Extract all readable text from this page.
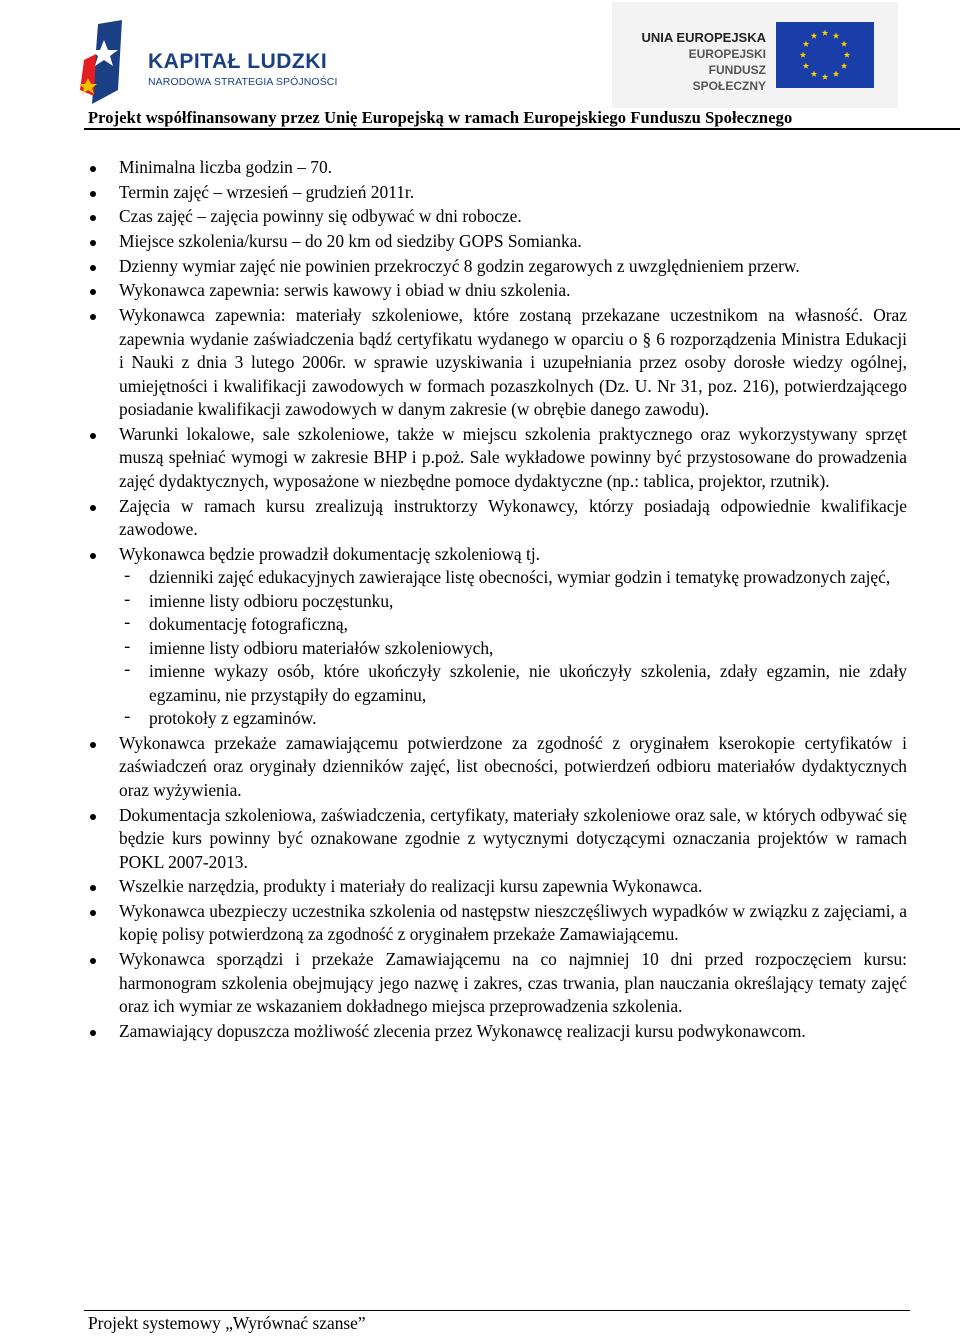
KAPITAŁ LUDZKI
NARODOWA STRATEGIA SPÓJNOŚCI
UNIA EUROPEJSKA
EUROPEJSKI
FUNDUSZ SPOŁECZNY
Projekt współfinansowany przez Unię Europejską w ramach Europejskiego Funduszu Społecznego
Minimalna liczba godzin – 70.
Termin zajęć – wrzesień – grudzień 2011r.
Czas zajęć – zajęcia powinny się odbywać w dni robocze.
Miejsce szkolenia/kursu – do 20 km od siedziby GOPS Somianka.
Dzienny wymiar zajęć nie powinien przekroczyć 8 godzin zegarowych z uwzględnieniem przerw.
Wykonawca zapewnia: serwis kawowy i obiad w dniu szkolenia.
Wykonawca zapewnia: materiały szkoleniowe, które zostaną przekazane uczestnikom na własność. Oraz zapewnia wydanie zaświadczenia bądź certyfikatu wydanego w oparciu o § 6 rozporządzenia Ministra Edukacji i Nauki z dnia 3 lutego 2006r. w sprawie uzyskiwania i uzupełniania przez osoby dorosłe wiedzy ogólnej, umiejętności i kwalifikacji zawodowych w formach pozaszkolnych (Dz. U. Nr 31, poz. 216), potwierdzającego posiadanie kwalifikacji zawodowych w danym zakresie (w obrębie danego zawodu).
Warunki lokalowe, sale szkoleniowe, także w miejscu szkolenia praktycznego oraz wykorzystywany sprzęt muszą spełniać wymogi w zakresie BHP i p.poż. Sale wykładowe powinny być przystosowane do prowadzenia zajęć dydaktycznych, wyposażone w niezbędne pomoce dydaktyczne (np.: tablica, projektor, rzutnik).
Zajęcia w ramach kursu zrealizują instruktorzy Wykonawcy, którzy posiadają odpowiednie kwalifikacje zawodowe.
Wykonawca będzie prowadził dokumentację szkoleniową tj.
- dzienniki zajęć edukacyjnych zawierające listę obecności, wymiar godzin i tematykę prowadzonych zajęć,
- imienne listy odbioru poczęstunku,
- dokumentację fotograficzną,
- imienne listy odbioru materiałów szkoleniowych,
- imienne wykazy osób, które ukończyły szkolenie, nie ukończyły szkolenia, zdały egzamin, nie zdały egzaminu, nie przystąpiły do egzaminu,
- protokoły z egzaminów.
Wykonawca przekaże zamawiającemu potwierdzone za zgodność z oryginałem kserokopie certyfikatów i zaświadczeń oraz oryginały dzienników zajęć, list obecności, potwierdzeń odbioru materiałów dydaktycznych oraz wyżywienia.
Dokumentacja szkoleniowa, zaświadczenia, certyfikaty, materiały szkoleniowe oraz sale, w których odbywać się będzie kurs powinny być oznakowane zgodnie z wytycznymi dotyczącymi oznaczania projektów w ramach POKL 2007-2013.
Wszelkie narzędzia, produkty i materiały do realizacji kursu zapewnia Wykonawca.
Wykonawca ubezpieczy uczestnika szkolenia od następstw nieszczęśliwych wypadków w związku z zajęciami, a kopię polisy potwierdzoną za zgodność z oryginałem przekaże Zamawiającemu.
Wykonawca sporządzi i przekaże Zamawiającemu na co najmniej 10 dni przed rozpoczęciem kursu: harmonogram szkolenia obejmujący jego nazwę i zakres, czas trwania, plan nauczania określający tematy zajęć oraz ich wymiar ze wskazaniem dokładnego miejsca przeprowadzenia szkolenia.
Zamawiający dopuszcza możliwość zlecenia przez Wykonawcę realizacji kursu podwykonawcom.
Projekt systemowy „Wyrównać szanse”
